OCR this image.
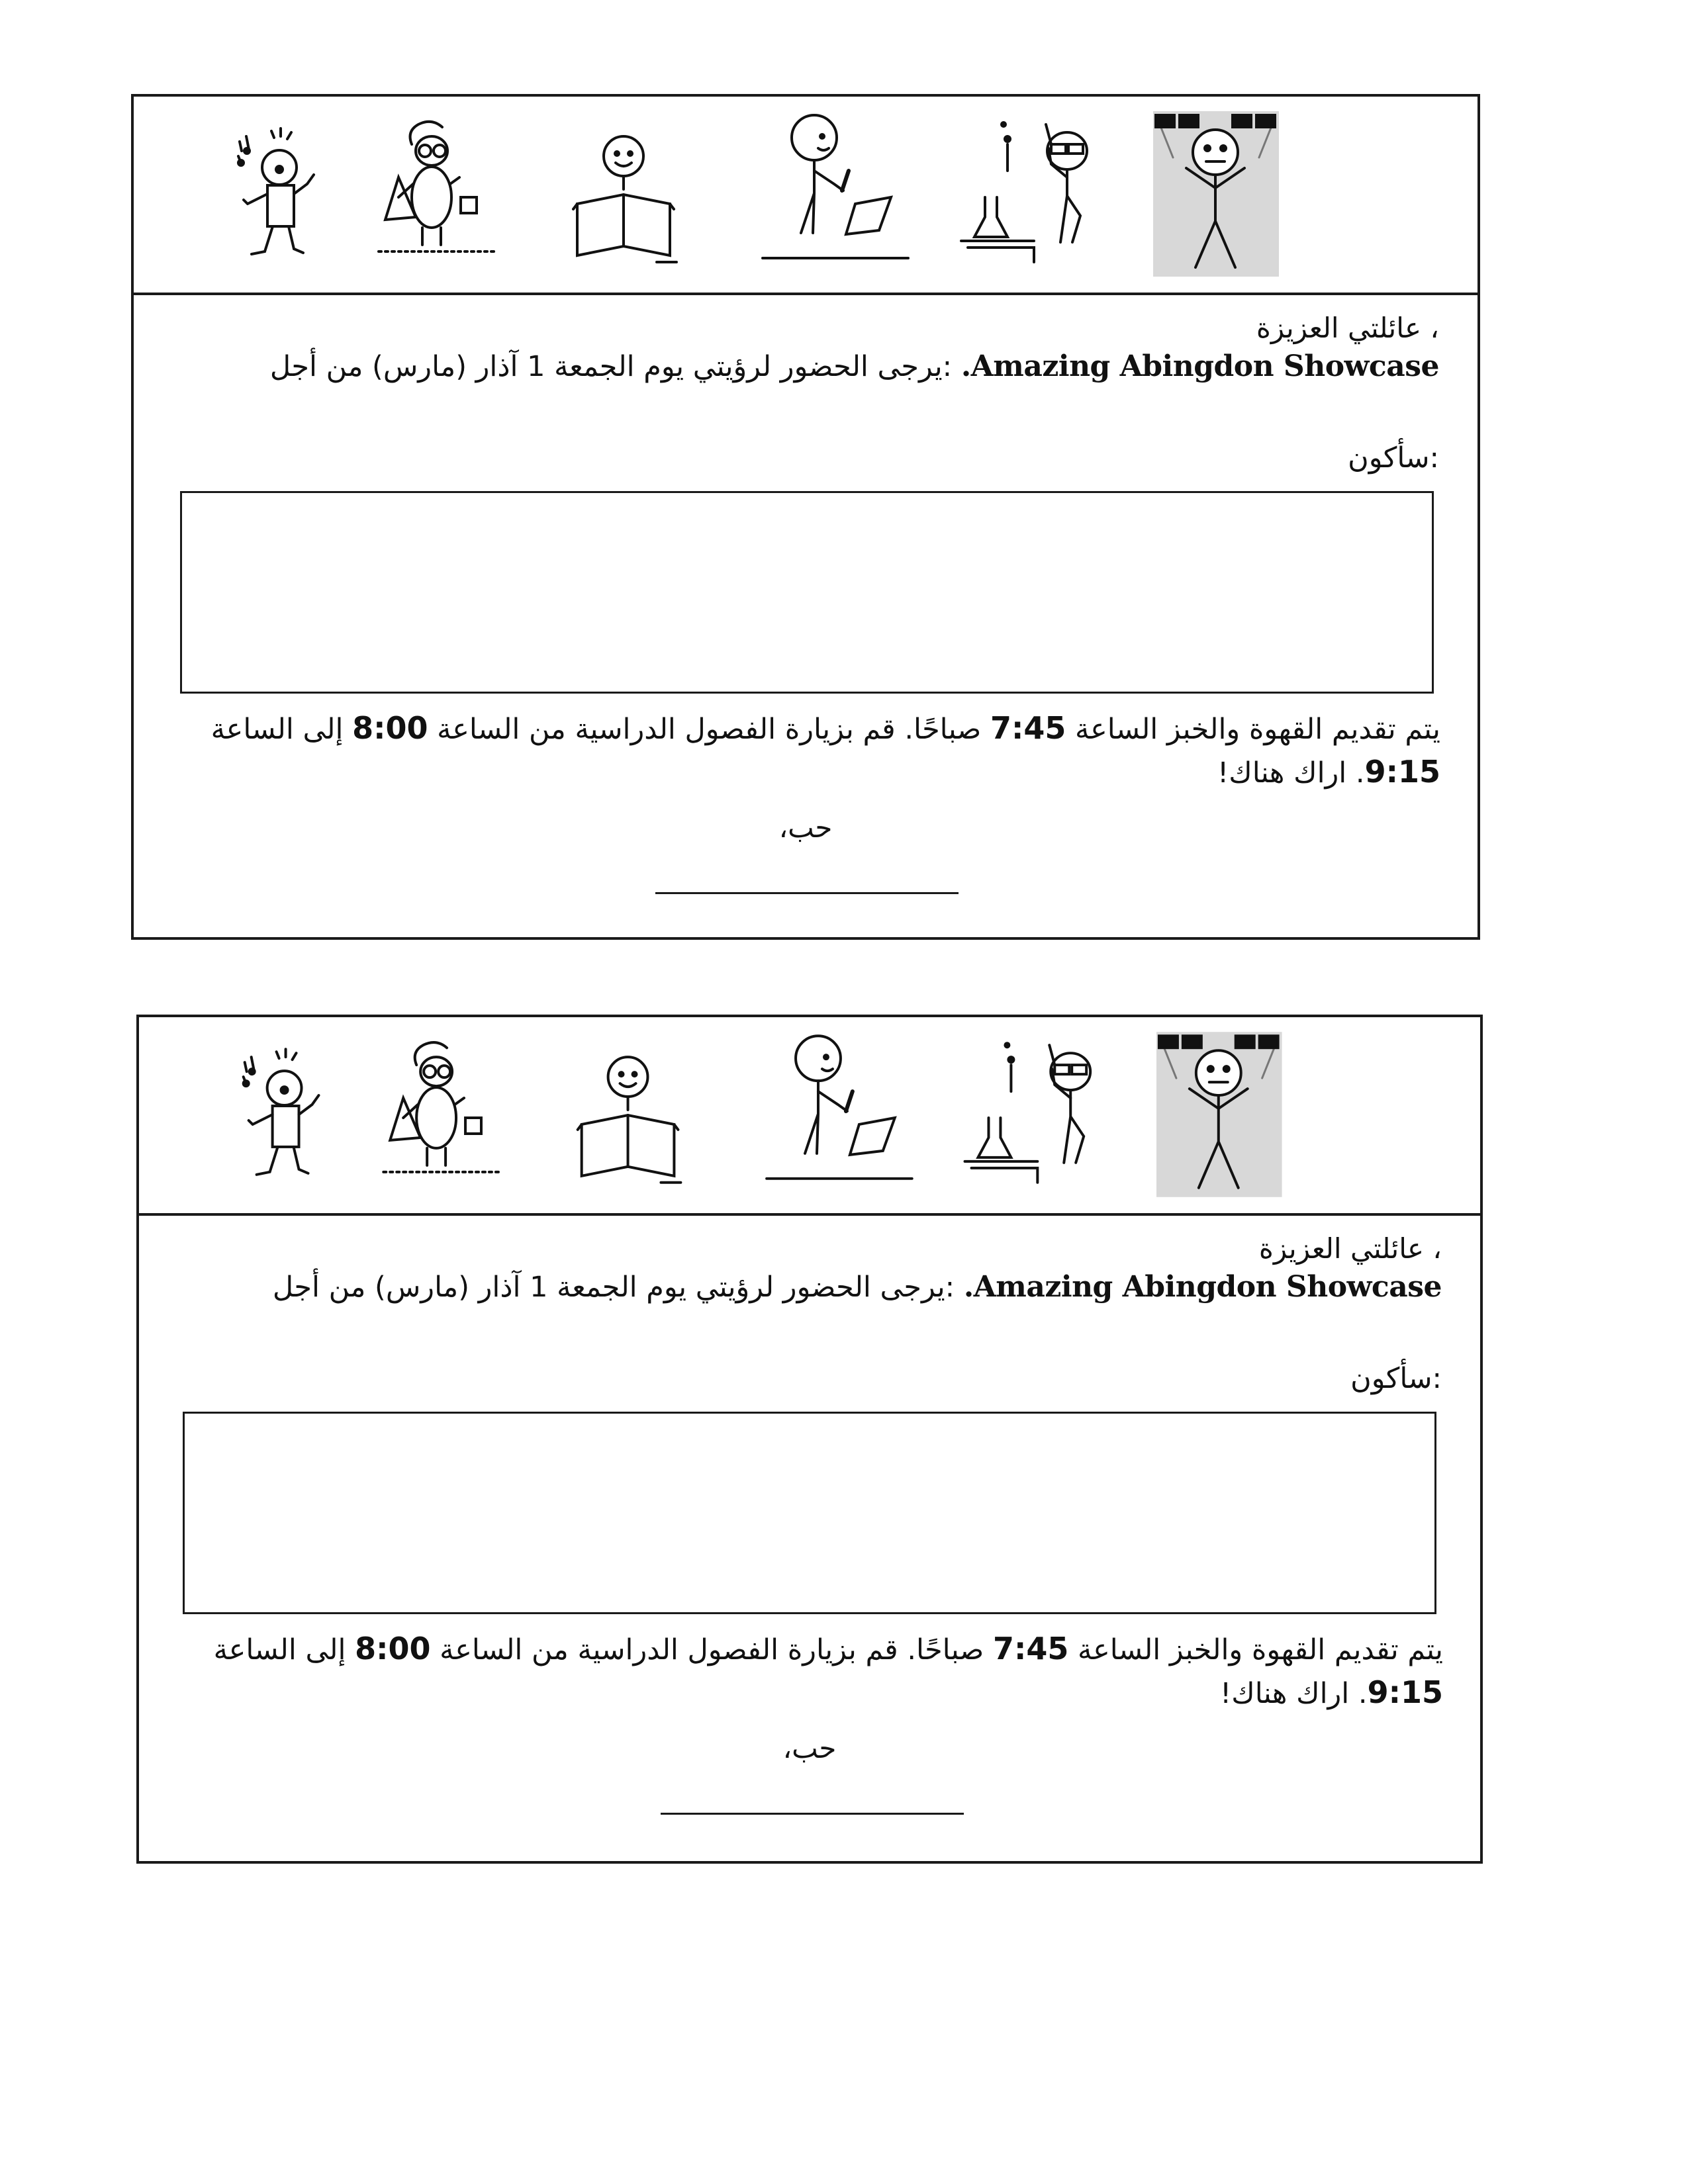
، عائلتي العزيزة
Amazing Abingdon Showcase. :يرجى الحضور لرؤيتي يوم الجمعة 1 آذار (مارس) من أجل
:سأكون
يتم تقديم القهوة والخبز الساعة 7:45 صباحًا. قم بزيارة الفصول الدراسية من الساعة 8:00 إلى الساعة 9:15. اراك هناك!
حب،
، عائلتي العزيزة
Amazing Abingdon Showcase. :يرجى الحضور لرؤيتي يوم الجمعة 1 آذار (مارس) من أجل
:سأكون
يتم تقديم القهوة والخبز الساعة 7:45 صباحًا. قم بزيارة الفصول الدراسية من الساعة 8:00 إلى الساعة 9:15. اراك هناك!
حب،
